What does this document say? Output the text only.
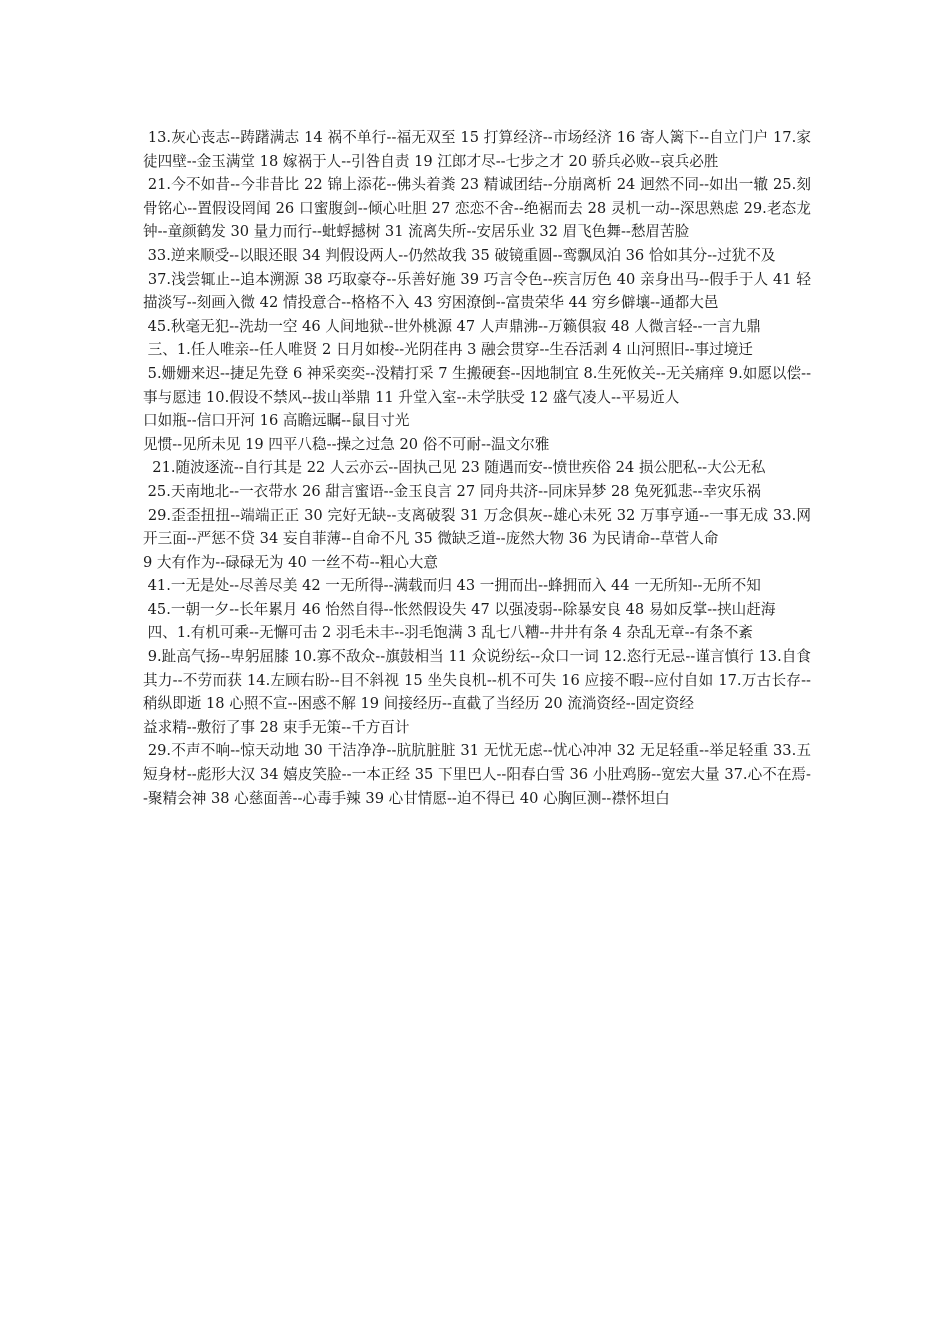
13.灰心丧志--踌躇满志 14 祸不单行--福无双至 15 打算经济--市场经济 16 寄人篱下--自立门户 17.家徒四壁--金玉满堂 18 嫁祸于人--引咎自责 19 江郎才尽--七步之才 20 骄兵必败--哀兵必胜

21.今不如昔--今非昔比 22 锦上添花--佛头着粪 23 精诚团结--分崩离析 24 迥然不同--如出一辙 25.刻骨铭心--置假设罔闻 26 口蜜腹剑--倾心吐胆 27 恋恋不舍--绝裾而去 28 灵机一动--深思熟虑 29.老态龙钟--童颜鹤发 30 量力而行--蚍蜉撼树 31 流离失所--安居乐业 32 眉飞色舞--愁眉苦脸

33.逆来顺受--以眼还眼 34 判假设两人--仍然故我 35 破镜重圆--鸾飘凤泊 36 恰如其分--过犹不及

37.浅尝辄止--追本溯源 38 巧取豪夺--乐善好施 39 巧言令色--疾言厉色 40 亲身出马--假手于人 41 轻描淡写--刻画入微 42 情投意合--格格不入 43 穷困潦倒--富贵荣华 44 穷乡僻壤--通都大邑

45.秋毫无犯--洗劫一空 46 人间地狱--世外桃源 47 人声鼎沸--万籁俱寂 48 人微言轻--一言九鼎

三、1.任人唯亲--任人唯贤 2 日月如梭--光阴荏冉 3 融会贯穿--生吞活剥 4 山河照旧--事过境迁

5.姗姗来迟--捷足先登 6 神采奕奕--没精打采 7 生搬硬套--因地制宜 8.生死攸关--无关痛痒 9.如愿以偿--事与愿违 10.假设不禁风--拔山举鼎 11 升堂入室--未学肤受 12 盛气凌人--平易近人

口如瓶--信口开河 16 高瞻远瞩--鼠目寸光

见惯--见所未见 19 四平八稳--操之过急 20 俗不可耐--温文尔雅

21.随波逐流--自行其是 22 人云亦云--固执己见 23 随遇而安--愤世疾俗 24 损公肥私--大公无私

25.天南地北--一衣带水 26 甜言蜜语--金玉良言 27 同舟共济--同床异梦 28 兔死狐悲--幸灾乐祸

29.歪歪扭扭--端端正正 30 完好无缺--支离破裂 31 万念俱灰--雄心未死 32 万事亨通--一事无成 33.网开三面--严惩不贷 34 妄自菲薄--自命不凡 35 微缺乏道--庞然大物 36 为民请命--草菅人命

9 大有作为--碌碌无为 40 一丝不苟--粗心大意

41.一无是处--尽善尽美 42 一无所得--满载而归 43 一拥而出--蜂拥而入 44 一无所知--无所不知

45.一朝一夕--长年累月 46 怡然自得--怅然假设失 47 以强凌弱--除暴安良 48 易如反掌--挟山赶海

四、1.有机可乘--无懈可击 2 羽毛未丰--羽毛饱满 3 乱七八糟--井井有条 4 杂乱无章--有条不紊

9.趾高气扬--卑躬屈膝 10.寡不敌众--旗鼓相当 11 众说纷纭--众口一词 12.恣行无忌--谨言慎行 13.自食其力--不劳而获 14.左顾右盼--目不斜视 15 坐失良机--机不可失 16 应接不暇--应付自如 17.万古长存--稍纵即逝 18 心照不宣--困惑不解 19 间接经历--直截了当经历 20 流淌资经--固定资经

益求精--敷衍了事 28 束手无策--千方百计

29.不声不响--惊天动地 30 干洁净净--肮肮脏脏 31 无忧无虑--忧心冲冲 32 无足轻重--举足轻重 33.五短身材--彪形大汉 34 嬉皮笑脸--一本正经 35 下里巴人--阳春白雪 36 小肚鸡肠--宽宏大量 37.心不在焉--聚精会神 38 心慈面善--心毒手辣 39 心甘情愿--迫不得已 40 心胸叵测--襟怀坦白
